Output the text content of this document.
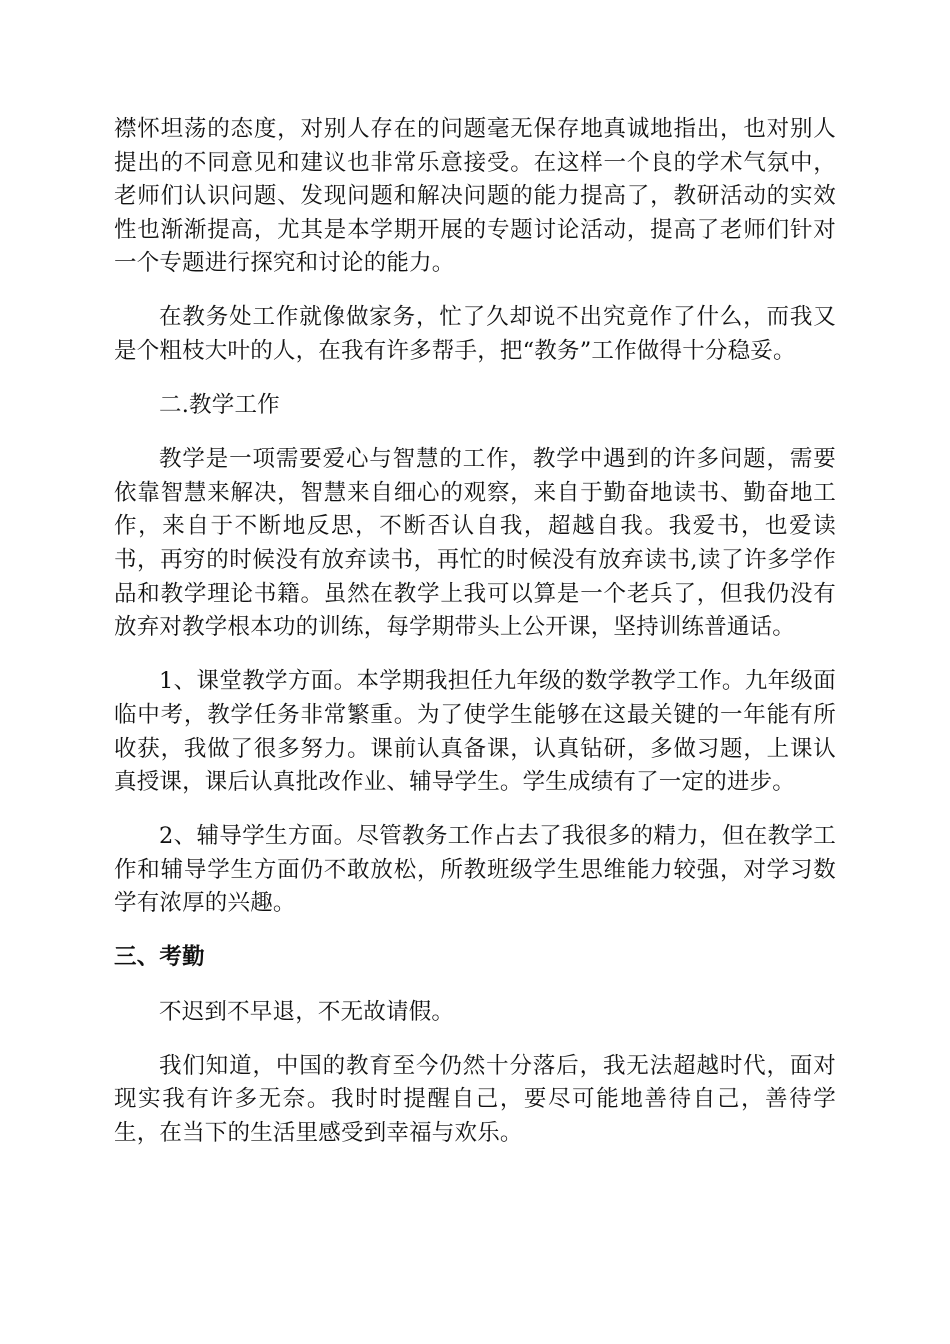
襟怀坦荡的态度，对别人存在的问题毫无保存地真诚地指出，也对别人提出的不同意见和建议也非常乐意接受。在这样一个良的学术气氛中，老师们认识问题、发现问题和解决问题的能力提高了，教研活动的实效性也渐渐提高，尤其是本学期开展的专题讨论活动，提高了老师们针对一个专题进行探究和讨论的能力。

在教务处工作就像做家务，忙了久却说不出究竟作了什么，而我又是个粗枝大叶的人，在我有许多帮手，把“教务”工作做得十分稳妥。

二.教学工作

教学是一项需要爱心与智慧的工作，教学中遇到的许多问题，需要依靠智慧来解决，智慧来自细心的观察，来自于勤奋地读书、勤奋地工作，来自于不断地反思，不断否认自我，超越自我。我爱书，也爱读书，再穷的时候没有放弃读书，再忙的时候没有放弃读书,读了许多学作品和教学理论书籍。虽然在教学上我可以算是一个老兵了，但我仍没有放弃对教学根本功的训练，每学期带头上公开课，坚持训练普通话。

1、课堂教学方面。本学期我担任九年级的数学教学工作。九年级面临中考，教学任务非常繁重。为了使学生能够在这最关键的一年能有所收获，我做了很多努力。课前认真备课，认真钻研，多做习题，上课认真授课，课后认真批改作业、辅导学生。学生成绩有了一定的进步。

2、辅导学生方面。尽管教务工作占去了我很多的精力，但在教学工作和辅导学生方面仍不敢放松，所教班级学生思维能力较强，对学习数学有浓厚的兴趣。

三、考勤

不迟到不早退，不无故请假。

我们知道，中国的教育至今仍然十分落后，我无法超越时代，面对现实我有许多无奈。我时时提醒自己，要尽可能地善待自己，善待学生，在当下的生活里感受到幸福与欢乐。
